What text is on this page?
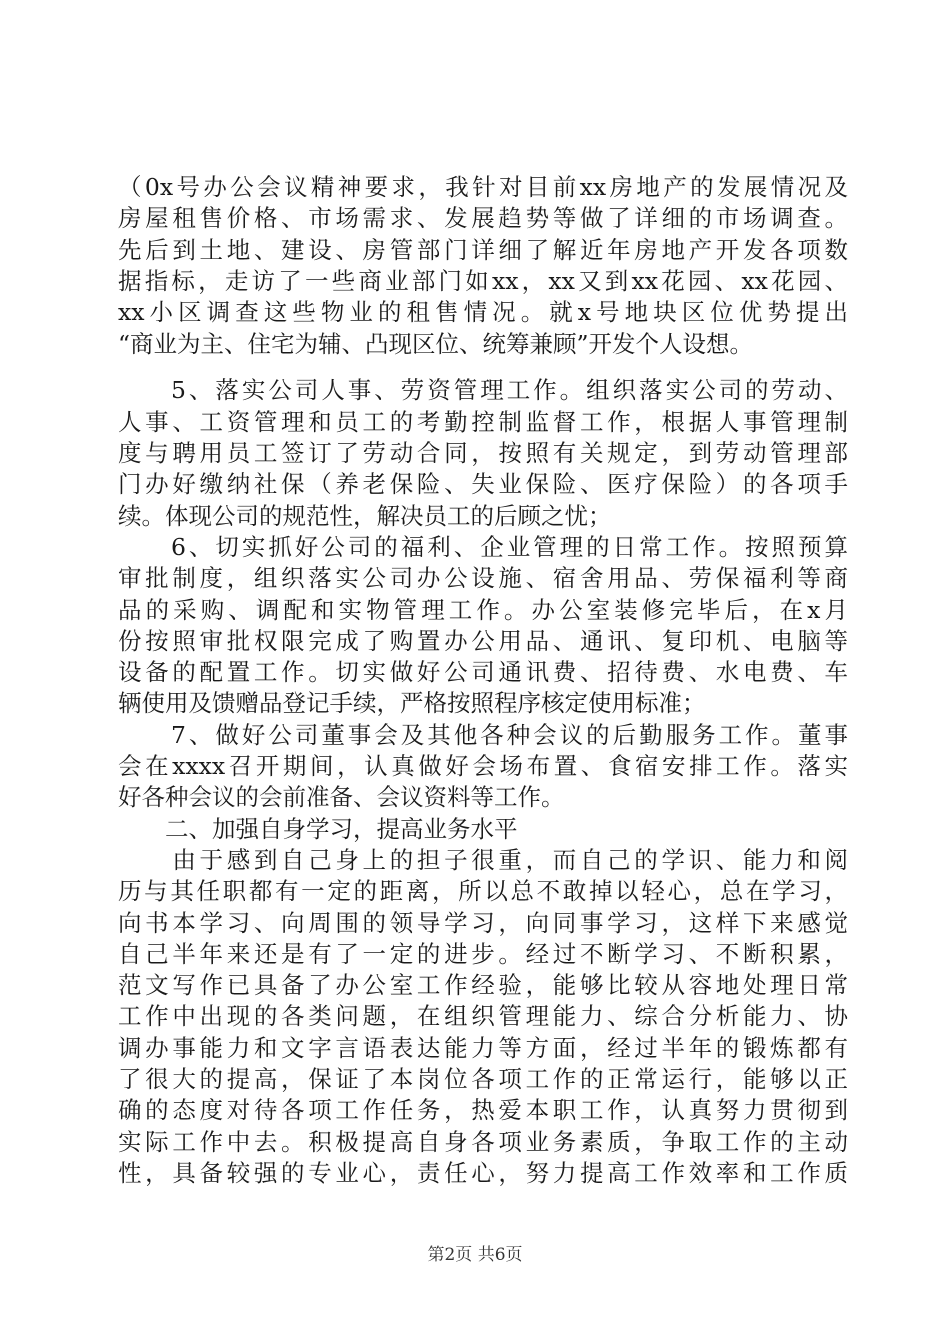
（0x号办公会议精神要求，我针对目前xx房地产的发展情况及
房屋租售价格、市场需求、发展趋势等做了详细的市场调查。
先后到土地、建设、房管部门详细了解近年房地产开发各项数
据指标，走访了一些商业部门如xx，xx又到xx花园、xx花园、
xx小区调查这些物业的租售情况。就x号地块区位优势提出
“商业为主、住宅为辅、凸现区位、统筹兼顾”开发个人设想。
　　5、落实公司人事、劳资管理工作。组织落实公司的劳动、
人事、工资管理和员工的考勤控制监督工作，根据人事管理制
度与聘用员工签订了劳动合同，按照有关规定，到劳动管理部
门办好缴纳社保（养老保险、失业保险、医疗保险）的各项手
续。体现公司的规范性，解决员工的后顾之忧；
　　6、切实抓好公司的福利、企业管理的日常工作。按照预算
审批制度，组织落实公司办公设施、宿舍用品、劳保福利等商
品的采购、调配和实物管理工作。办公室装修完毕后，在x月
份按照审批权限完成了购置办公用品、通讯、复印机、电脑等
设备的配置工作。切实做好公司通讯费、招待费、水电费、车
辆使用及馈赠品登记手续，严格按照程序核定使用标准；
　　7、做好公司董事会及其他各种会议的后勤服务工作。董事
会在xxxx召开期间，认真做好会场布置、食宿安排工作。落实
好各种会议的会前准备、会议资料等工作。
　　二、加强自身学习，提高业务水平
　　由于感到自己身上的担子很重，而自己的学识、能力和阅
历与其任职都有一定的距离，所以总不敢掉以轻心，总在学习，
向书本学习、向周围的领导学习，向同事学习，这样下来感觉
自己半年来还是有了一定的进步。经过不断学习、不断积累，
范文写作已具备了办公室工作经验，能够比较从容地处理日常
工作中出现的各类问题，在组织管理能力、综合分析能力、协
调办事能力和文字言语表达能力等方面，经过半年的锻炼都有
了很大的提高，保证了本岗位各项工作的正常运行，能够以正
确的态度对待各项工作任务，热爱本职工作，认真努力贯彻到
实际工作中去。积极提高自身各项业务素质，争取工作的主动
性，具备较强的专业心，责任心，努力提高工作效率和工作质
第2页 共6页
